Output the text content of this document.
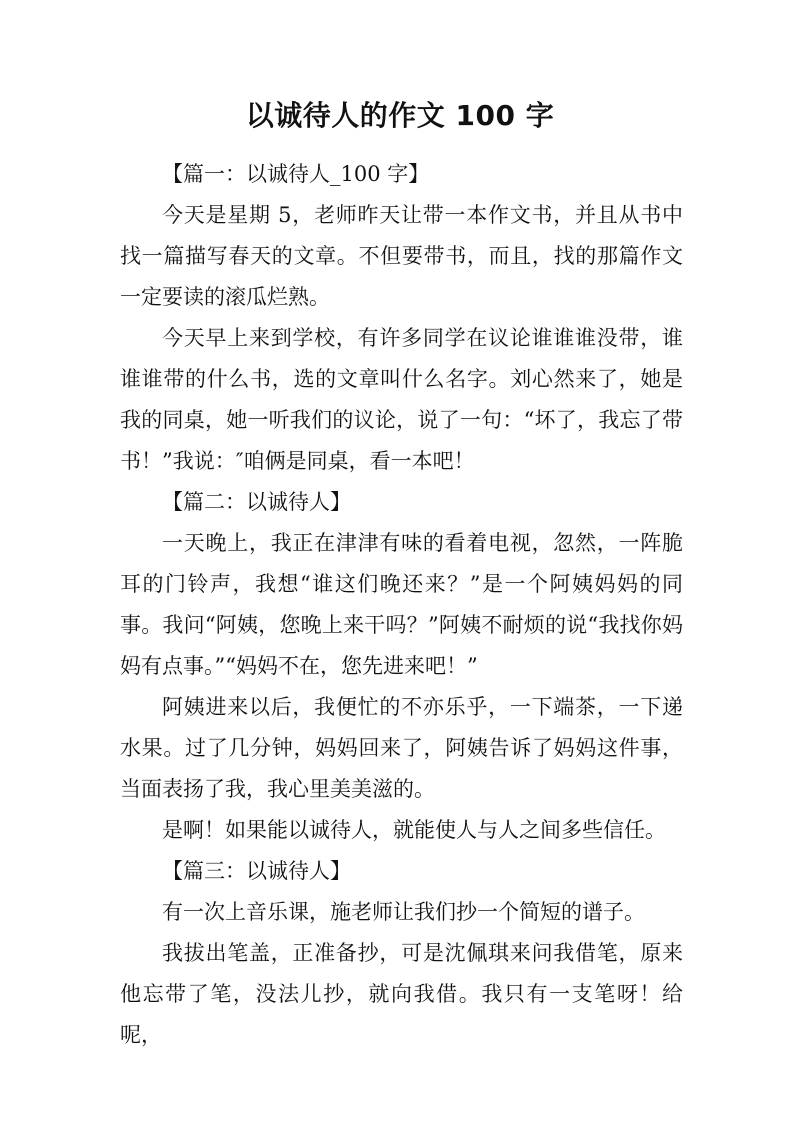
以诚待人的作文 100 字

【篇一：以诚待人_100 字】

今天是星期 5，老师昨天让带一本作文书，并且从书中找一篇描写春天的文章。不但要带书，而且，找的那篇作文一定要读的滚瓜烂熟。

今天早上来到学校，有许多同学在议论谁谁谁没带，谁谁谁带的什么书，选的文章叫什么名字。刘心然来了，她是我的同桌，她一听我们的议论，说了一句：“坏了，我忘了带书！”我说：″咱俩是同桌，看一本吧！

【篇二：以诚待人】

一天晚上，我正在津津有味的看着电视，忽然，一阵脆耳的门铃声，我想“谁这们晚还来？”是一个阿姨妈妈的同事。我问“阿姨，您晚上来干吗？”阿姨不耐烦的说“我找你妈妈有点事。”“妈妈不在，您先进来吧！”

阿姨进来以后，我便忙的不亦乐乎，一下端茶，一下递水果。过了几分钟，妈妈回来了，阿姨告诉了妈妈这件事，当面表扬了我，我心里美美滋的。

是啊！如果能以诚待人，就能使人与人之间多些信任。

【篇三：以诚待人】

有一次上音乐课，施老师让我们抄一个简短的谱子。

我拔出笔盖，正准备抄，可是沈佩琪来问我借笔，原来他忘带了笔，没法儿抄，就向我借。我只有一支笔呀！给呢，
